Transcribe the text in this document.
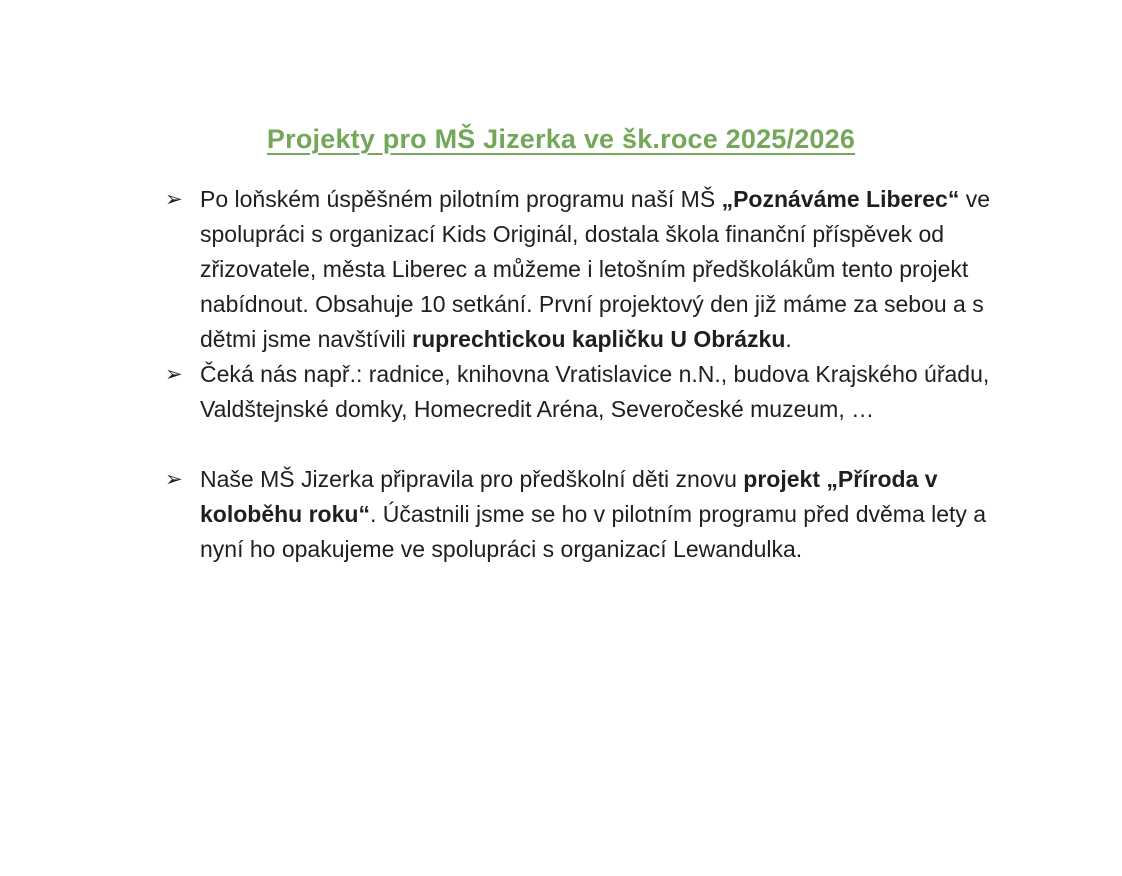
Projekty pro MŠ Jizerka ve šk.roce 2025/2026
➢ Po loňském úspěšném pilotním programu naší MŠ „Poznáváme Liberec“ ve spolupráci s organizací Kids Originál, dostala škola finanční příspěvek od zřizovatele, města Liberec a můžeme i letošním předškolákům tento projekt nabídnout. Obsahuje 10 setkání. První projektový den již máme za sebou a s dětmi jsme navštívili ruprechtickou kapličku U Obrázku.
➢ Čeká nás např.: radnice, knihovna Vratislavice n.N., budova Krajského úřadu, Valdštejnské domky, Homecredit Aréna, Severočeské muzeum, …
➢ Naše MŠ Jizerka připravila pro předškolní děti znovu projekt „Příroda v koloběhu roku“. Účastnili jsme se ho v pilotním programu před dvěma lety a nyní ho opakujeme ve spolupráci s organizací Lewandulka.
